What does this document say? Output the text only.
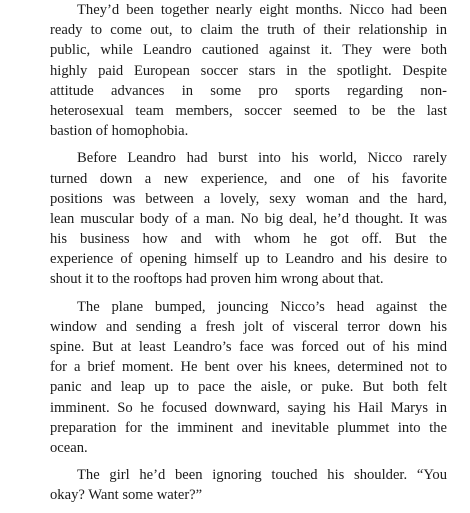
They’d been together nearly eight months. Nicco had been
ready to come out, to claim the truth of their relationship in
public, while Leandro cautioned against it. They were both
highly paid European soccer stars in the spotlight. Despite
attitude advances in some pro sports regarding non-
heterosexual team members, soccer seemed to be the last
bastion of homophobia.
Before Leandro had burst into his world, Nicco rarely
turned down a new experience, and one of his favorite
positions was between a lovely, sexy woman and the hard,
lean muscular body of a man. No big deal, he’d thought. It was
his business how and with whom he got off. But the
experience of opening himself up to Leandro and his desire to
shout it to the rooftops had proven him wrong about that.
The plane bumped, jouncing Nicco’s head against the
window and sending a fresh jolt of visceral terror down his
spine. But at least Leandro’s face was forced out of his mind
for a brief moment. He bent over his knees, determined not to
panic and leap up to pace the aisle, or puke. But both felt
imminent. So he focused downward, saying his Hail Marys in
preparation for the imminent and inevitable plummet into the
ocean.
The girl he’d been ignoring touched his shoulder. “You
okay? Want some water?”
